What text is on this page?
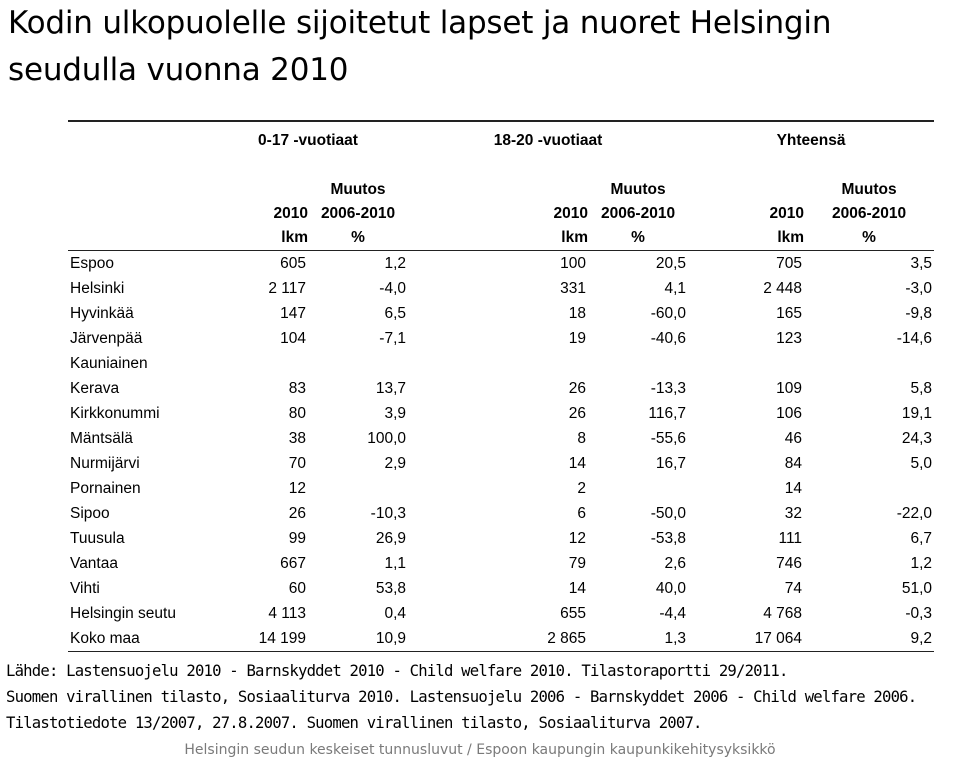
Kodin ulkopuolelle sijoitetut lapset ja nuoret Helsingin seudulla vuonna 2010
	0-17 -vuotiaat		18-20 -vuotiaat		Yhteensä	

		Muutos		Muutos		Muutos
	2010	2006-2010	2010	2006-2010	2010	2006-2010
	lkm	%	lkm	%	lkm	%
Espoo	605	1,2	100	20,5	705	3,5
Helsinki	2 117	-4,0	331	4,1	2 448	-3,0
Hyvinkää	147	6,5	18	-60,0	165	-9,8
Järvenpää	104	-7,1	19	-40,6	123	-14,6
Kauniainen						
Kerava	83	13,7	26	-13,3	109	5,8
Kirkkonummi	80	3,9	26	116,7	106	19,1
Mäntsälä	38	100,0	8	-55,6	46	24,3
Nurmijärvi	70	2,9	14	16,7	84	5,0
Pornainen	12		2		14	
Sipoo	26	-10,3	6	-50,0	32	-22,0
Tuusula	99	26,9	12	-53,8	111	6,7
Vantaa	667	1,1	79	2,6	746	1,2
Vihti	60	53,8	14	40,0	74	51,0
Helsingin seutu	4 113	0,4	655	-4,4	4 768	-0,3
Koko maa	14 199	10,9	2 865	1,3	17 064	9,2
Lähde: Lastensuojelu 2010 - Barnskyddet 2010 - Child welfare 2010. Tilastoraportti 29/2011.
Suomen virallinen tilasto, Sosiaaliturva 2010. Lastensuojelu 2006 - Barnskyddet 2006 - Child welfare 2006.
Tilastotiedote 13/2007, 27.8.2007. Suomen virallinen tilasto, Sosiaaliturva 2007.
Helsingin seudun keskeiset tunnusluvut / Espoon kaupungin kaupunkikehitysyksikkö
